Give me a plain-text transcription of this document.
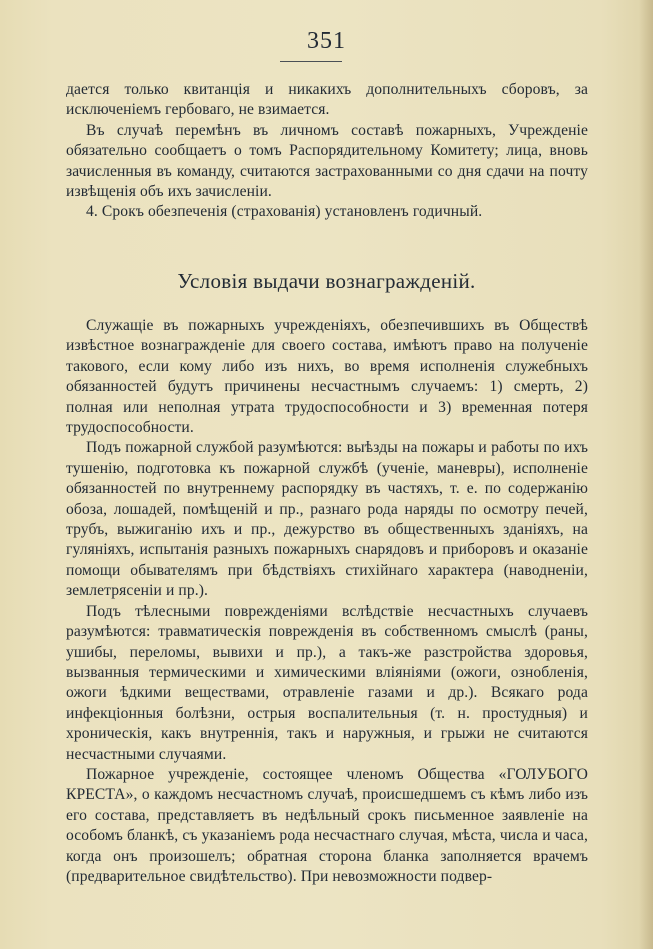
351

дается только квитанція и никакихъ дополнительныхъ сборовъ, за исключеніемъ гербоваго, не взимается.

Въ случаѣ перемѣнъ въ личномъ составѣ пожарныхъ, Учрежденіе обязательно сообщаетъ о томъ Распорядительному Комитету; лица, вновь зачисленныя въ команду, считаются застрахованными со дня сдачи на почту извѣщенія объ ихъ зачисленіи.

4. Срокъ обезпеченія (страхованія) установленъ годичный.

Условія выдачи вознагражденій.

Служащіе въ пожарныхъ учрежденіяхъ, обезпечившихъ въ Обществѣ извѣстное вознагражденіе для своего состава, имѣютъ право на полученіе такового, если кому либо изъ нихъ, во время исполненія служебныхъ обязанностей будутъ причинены несчастнымъ случаемъ: 1) смерть, 2) полная или неполная утрата трудоспособности и 3) временная потеря трудоспособности.

Подъ пожарной службой разумѣются: выѣзды на пожары и работы по ихъ тушенію, подготовка къ пожарной службѣ (ученіе, маневры), исполненіе обязанностей по внутреннему распорядку въ частяхъ, т. е. по содержанію обоза, лошадей, помѣщеній и пр., разнаго рода наряды по осмотру печей, трубъ, выжиганію ихъ и пр., дежурство въ общественныхъ зданіяхъ, на гуляніяхъ, испытанія разныхъ пожарныхъ снарядовъ и приборовъ и оказаніе помощи обывателямъ при бѣдствіяхъ стихійнаго характера (наводненіи, землетрясеніи и пр.).

Подъ тѣлесными поврежденіями вслѣдствіе несчастныхъ случаевъ разумѣются: травматическія поврежденія въ собственномъ смыслѣ (раны, ушибы, переломы, вывихи и пр.), а такъ-же разстройства здоровья, вызванныя термическими и химическими вліяніями (ожоги, ознобленія, ожоги ѣдкими веществами, отравленіе газами и др.). Всякаго рода инфекціонныя болѣзни, острыя воспалительныя (т. н. простудныя) и хроническія, какъ внутреннія, такъ и наружныя, и грыжи не считаются несчастными случаями.

Пожарное учрежденіе, состоящее членомъ Общества «ГОЛУБОГО КРЕСТА», о каждомъ несчастномъ случаѣ, происшедшемъ съ кѣмъ либо изъ его состава, представляетъ въ недѣльный срокъ письменное заявленіе на особомъ бланкѣ, съ указаніемъ рода несчастнаго случая, мѣста, числа и часа, когда онъ произошелъ; обратная сторона бланка заполняется врачемъ (предварительное свидѣтельство). При невозможности подвер-
